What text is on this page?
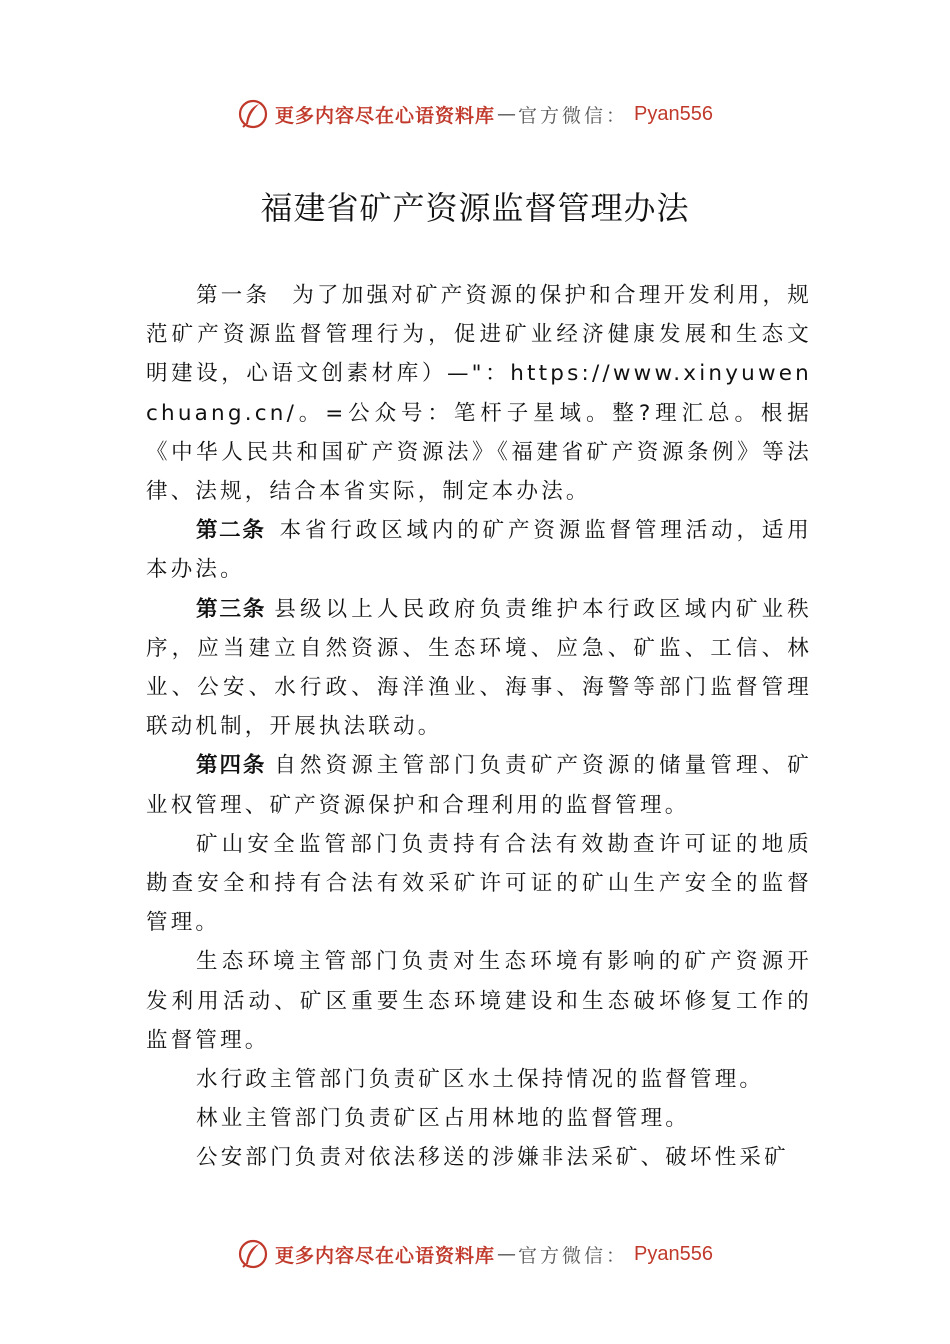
更多内容尽在心语资料库 — 官方微信： Pyan556
福建省矿产资源监督管理办法

第一条 为了加强对矿产资源的保护和合理开发利用，规范矿产资源监督管理行为，促进矿业经济健康发展和生态文明建设，心语文创素材库）—"：https://www.xinyuwenchuang.cn/。=公众号：笔杆子星域。整?理汇总。根据《中华人民共和国矿产资源法》《福建省矿产资源条例》等法律、法规，结合本省实际，制定本办法。

第二条 本省行政区域内的矿产资源监督管理活动，适用本办法。

第三条 县级以上人民政府负责维护本行政区域内矿业秩序，应当建立自然资源、生态环境、应急、矿监、工信、林业、公安、水行政、海洋渔业、海事、海警等部门监督管理联动机制，开展执法联动。

第四条 自然资源主管部门负责矿产资源的储量管理、矿业权管理、矿产资源保护和合理利用的监督管理。

矿山安全监管部门负责持有合法有效勘查许可证的地质勘查安全和持有合法有效采矿许可证的矿山生产安全的监督管理。

生态环境主管部门负责对生态环境有影响的矿产资源开发利用活动、矿区重要生态环境建设和生态破坏修复工作的监督管理。

水行政主管部门负责矿区水土保持情况的监督管理。

林业主管部门负责矿区占用林地的监督管理。

公安部门负责对依法移送的涉嫌非法采矿、破坏性采矿

更多内容尽在心语资料库 — 官方微信： Pyan556
